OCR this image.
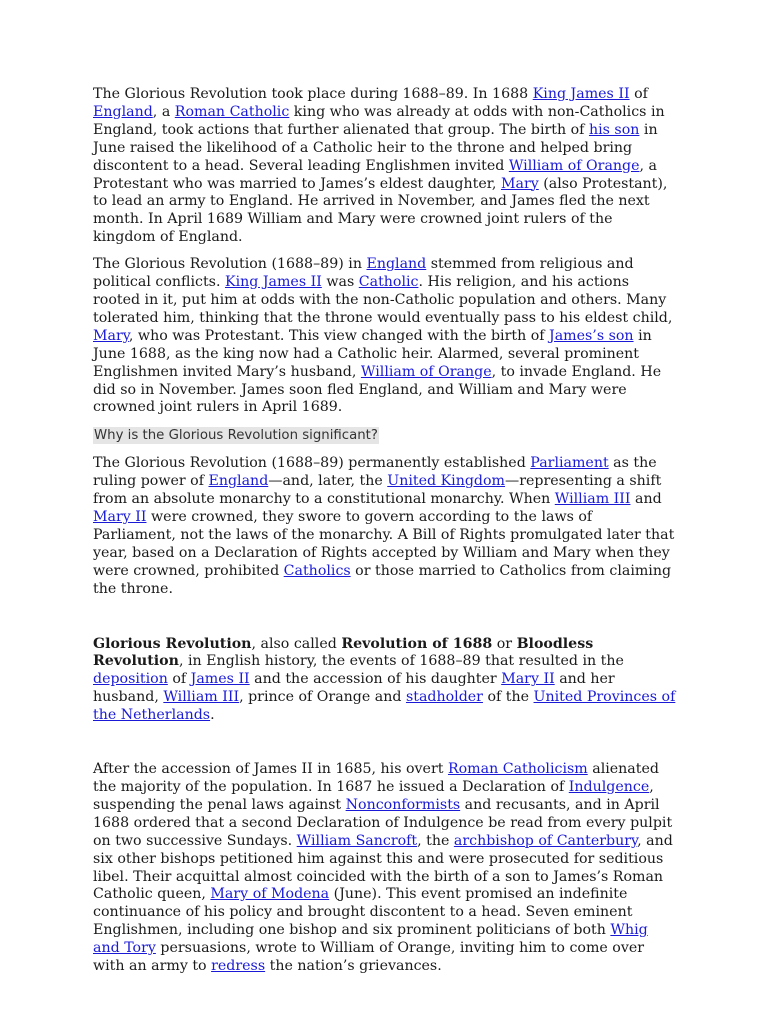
The Glorious Revolution took place during 1688–89. In 1688 King James II of England, a Roman Catholic king who was already at odds with non-Catholics in England, took actions that further alienated that group. The birth of his son in June raised the likelihood of a Catholic heir to the throne and helped bring discontent to a head. Several leading Englishmen invited William of Orange, a Protestant who was married to James’s eldest daughter, Mary (also Protestant), to lead an army to England. He arrived in November, and James fled the next month. In April 1689 William and Mary were crowned joint rulers of the kingdom of England.

The Glorious Revolution (1688–89) in England stemmed from religious and political conflicts. King James II was Catholic. His religion, and his actions rooted in it, put him at odds with the non-Catholic population and others. Many tolerated him, thinking that the throne would eventually pass to his eldest child, Mary, who was Protestant. This view changed with the birth of James’s son in June 1688, as the king now had a Catholic heir. Alarmed, several prominent Englishmen invited Mary’s husband, William of Orange, to invade England. He did so in November. James soon fled England, and William and Mary were crowned joint rulers in April 1689.

Why is the Glorious Revolution significant?

The Glorious Revolution (1688–89) permanently established Parliament as the ruling power of England—and, later, the United Kingdom—representing a shift from an absolute monarchy to a constitutional monarchy. When William III and Mary II were crowned, they swore to govern according to the laws of Parliament, not the laws of the monarchy. A Bill of Rights promulgated later that year, based on a Declaration of Rights accepted by William and Mary when they were crowned, prohibited Catholics or those married to Catholics from claiming the throne.

Glorious Revolution, also called Revolution of 1688 or Bloodless Revolution, in English history, the events of 1688–89 that resulted in the deposition of James II and the accession of his daughter Mary II and her husband, William III, prince of Orange and stadholder of the United Provinces of the Netherlands.

After the accession of James II in 1685, his overt Roman Catholicism alienated the majority of the population. In 1687 he issued a Declaration of Indulgence, suspending the penal laws against Nonconformists and recusants, and in April 1688 ordered that a second Declaration of Indulgence be read from every pulpit on two successive Sundays. William Sancroft, the archbishop of Canterbury, and six other bishops petitioned him against this and were prosecuted for seditious libel. Their acquittal almost coincided with the birth of a son to James’s Roman Catholic queen, Mary of Modena (June). This event promised an indefinite continuance of his policy and brought discontent to a head. Seven eminent Englishmen, including one bishop and six prominent politicians of both Whig and Tory persuasions, wrote to William of Orange, inviting him to come over with an army to redress the nation’s grievances.
